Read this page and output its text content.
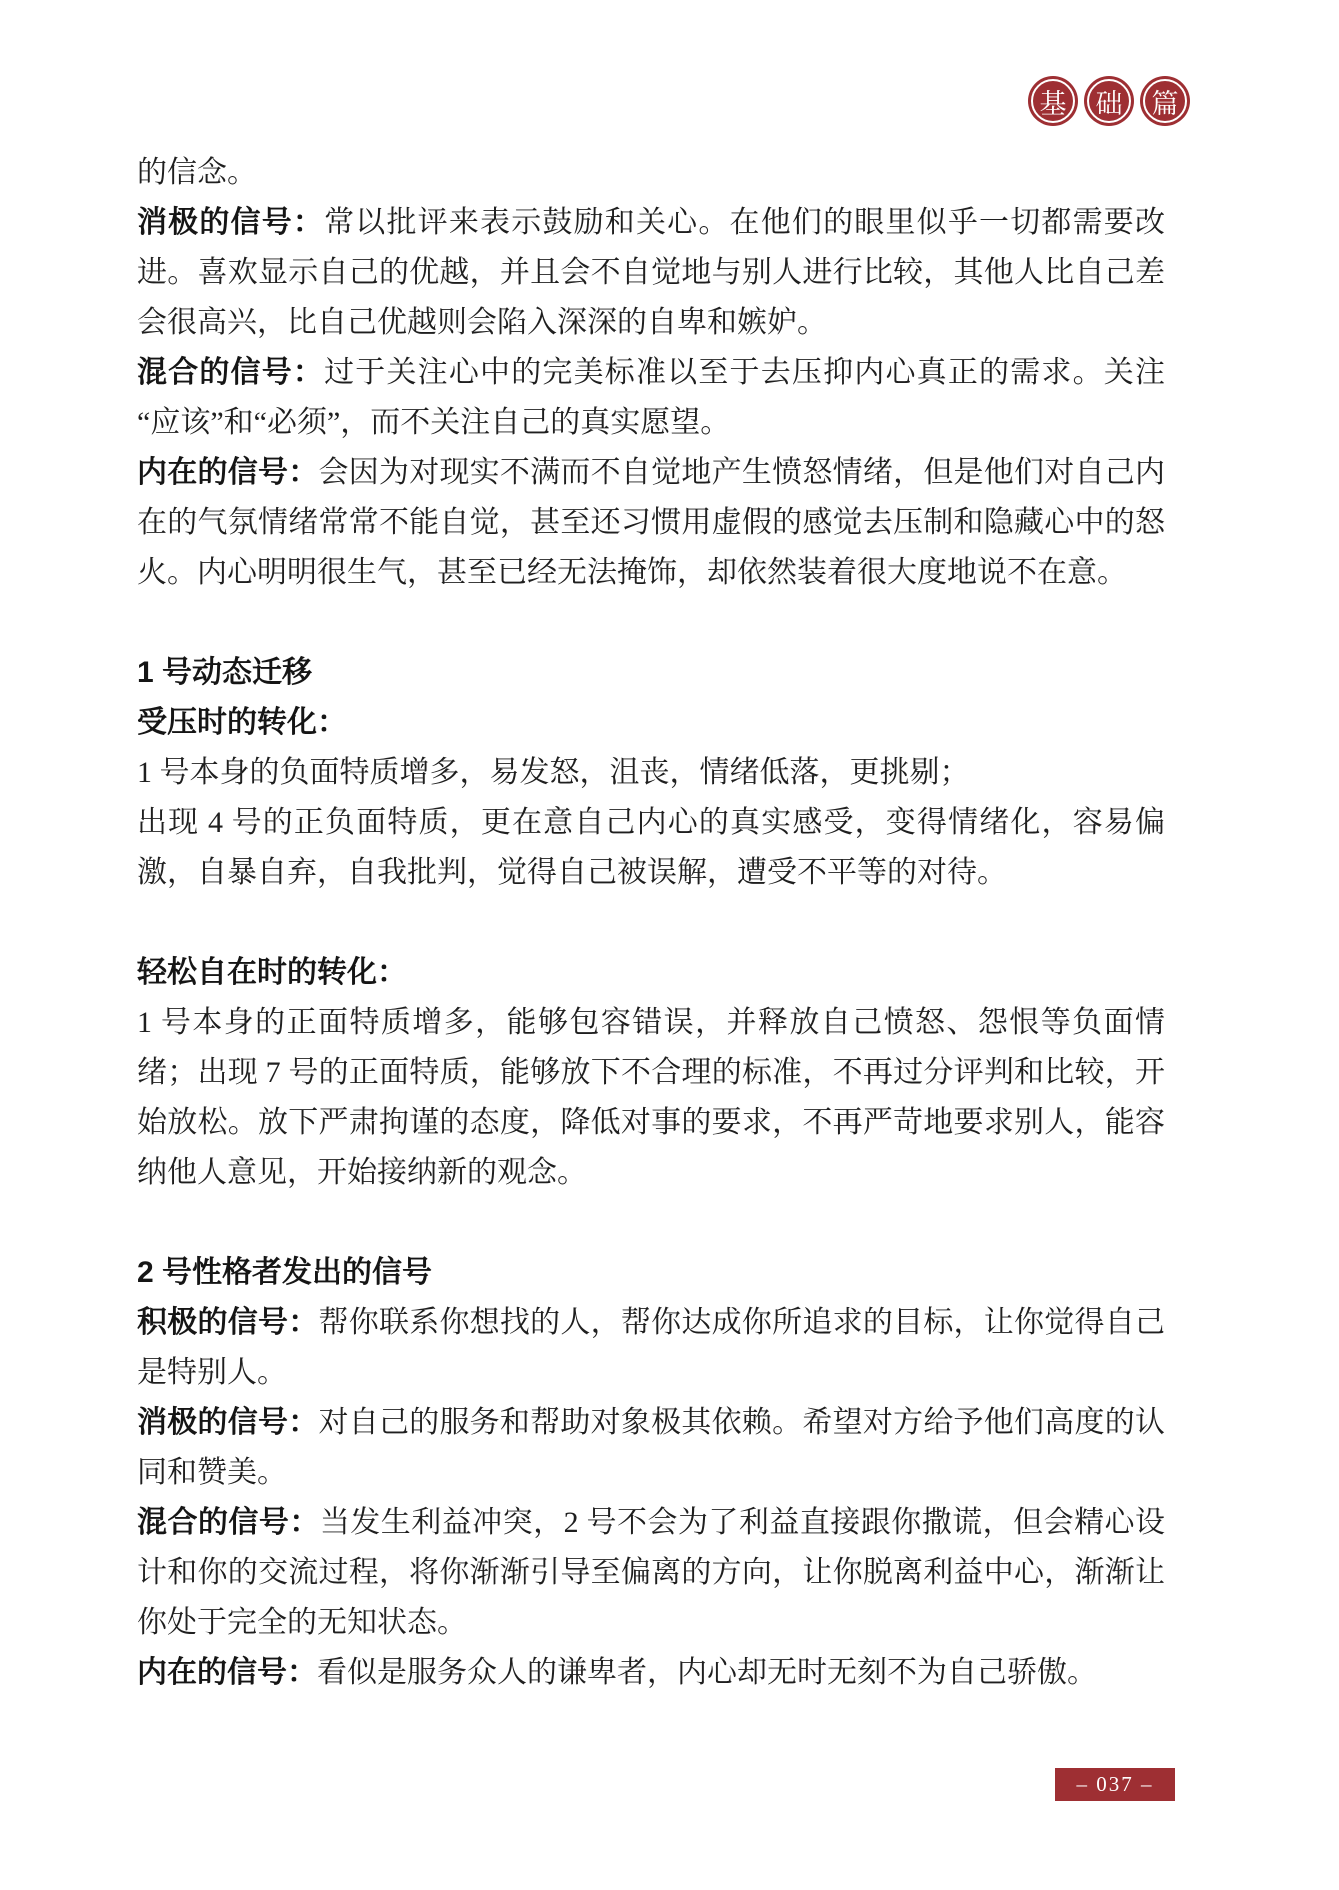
基	础	篇

的信念。

消极的信号：常以批评来表示鼓励和关心。在他们的眼里似乎一切都需要改进。喜欢显示自己的优越，并且会不自觉地与别人进行比较，其他人比自己差会很高兴，比自己优越则会陷入深深的自卑和嫉妒。

混合的信号：过于关注心中的完美标准以至于去压抑内心真正的需求。关注“应该”和“必须”，而不关注自己的真实愿望。

内在的信号：会因为对现实不满而不自觉地产生愤怒情绪，但是他们对自己内在的气氛情绪常常不能自觉，甚至还习惯用虚假的感觉去压制和隐藏心中的怒火。内心明明很生气，甚至已经无法掩饰，却依然装着很大度地说不在意。

1 号动态迁移

受压时的转化：

1 号本身的负面特质增多，易发怒，沮丧，情绪低落，更挑剔；

出现 4 号的正负面特质，更在意自己内心的真实感受，变得情绪化，容易偏激，自暴自弃，自我批判，觉得自己被误解，遭受不平等的对待。

轻松自在时的转化：

1 号本身的正面特质增多，能够包容错误，并释放自己愤怒、怨恨等负面情绪；出现 7 号的正面特质，能够放下不合理的标准，不再过分评判和比较，开始放松。放下严肃拘谨的态度，降低对事的要求，不再严苛地要求别人，能容纳他人意见，开始接纳新的观念。

2 号性格者发出的信号

积极的信号：帮你联系你想找的人，帮你达成你所追求的目标，让你觉得自己是特别人。

消极的信号：对自己的服务和帮助对象极其依赖。希望对方给予他们高度的认同和赞美。

混合的信号：当发生利益冲突，2 号不会为了利益直接跟你撒谎，但会精心设计和你的交流过程，将你渐渐引导至偏离的方向，让你脱离利益中心，渐渐让你处于完全的无知状态。

内在的信号：看似是服务众人的谦卑者，内心却无时无刻不为自己骄傲。

– 037 –
